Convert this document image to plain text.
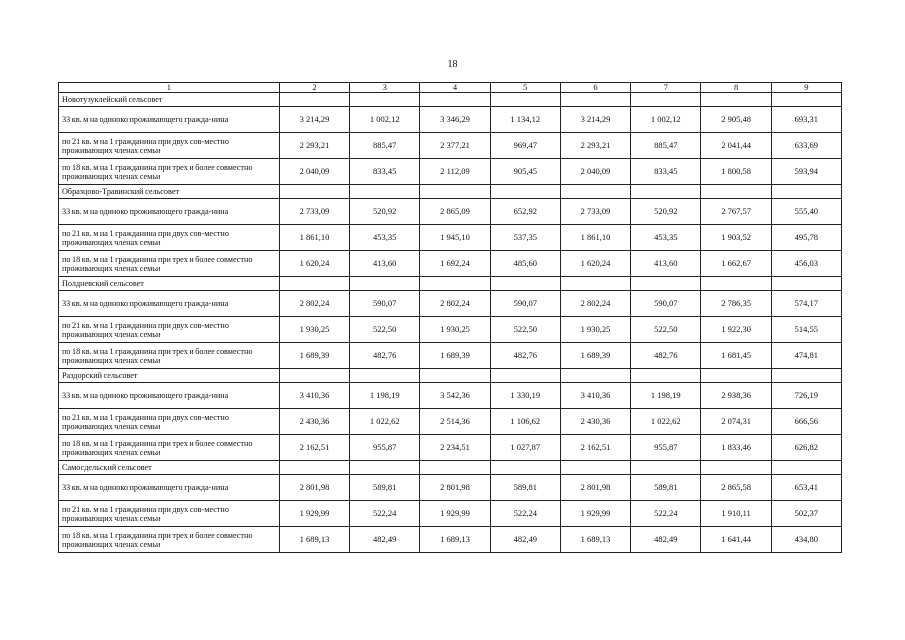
18
1	2	3	4	5	6	7	8	9
Новотузуклейский сельсовет								
33 кв. м на одиноко проживающего гражда-нина	3 214,29	1 002,12	3 346,29	1 134,12	3 214,29	1 002,12	2 905,48	693,31
по 21 кв. м на 1 гражданина при двух сов-местно проживающих членах семьи	2 293,21	885,47	2 377,21	969,47	2 293,21	885,47	2 041,44	633,69
по 18 кв. м на 1 гражданина при трех и более совместно проживающих членах семьи	2 040,09	833,45	2 112,09	905,45	2 040,09	833,45	1 800,58	593,94
Образцово-Травинский сельсовет								
33 кв. м на одиноко проживающего гражда-нина	2 733,09	520,92	2 865,09	652,92	2 733,09	520,92	2 767,57	555,40
по 21 кв. м на 1 гражданина при двух сов-местно проживающих членах семьи	1 861,10	453,35	1 945,10	537,35	1 861,10	453,35	1 903,52	495,78
по 18 кв. м на 1 гражданина при трех и более совместно проживающих членах семьи	1 620,24	413,60	1 692,24	485,60	1 620,24	413,60	1 662,67	456,03
Полдневский сельсовет								
33 кв. м на одиноко проживающего гражда-нина	2 802,24	590,07	2 802,24	590,07	2 802,24	590,07	2 786,35	574,17
по 21 кв. м на 1 гражданина при двух сов-местно проживающих членах семьи	1 930,25	522,50	1 930,25	522,50	1 930,25	522,50	1 922,30	514,55
по 18 кв. м на 1 гражданина при трех и более совместно проживающих членах семьи	1 689,39	482,76	1 689,39	482,76	1 689,39	482,76	1 681,45	474,81
Раздорский сельсовет								
33 кв. м на одиноко проживающего гражда-нина	3 410,36	1 198,19	3 542,36	1 330,19	3 410,36	1 198,19	2 938,36	726,19
по 21 кв. м на 1 гражданина при двух сов-местно проживающих членах семьи	2 430,36	1 022,62	2 514,36	1 106,62	2 430,36	1 022,62	2 074,31	666,56
по 18 кв. м на 1 гражданина при трех и более совместно проживающих членах семьи	2 162,51	955,87	2 234,51	1 027,87	2 162,51	955,87	1 833,46	626,82
Самосдельский сельсовет								
33 кв. м на одиноко проживающего гражда-нина	2 801,98	589,81	2 801,98	589,81	2 801,98	589,81	2 865,58	653,41
по 21 кв. м на 1 гражданина при двух сов-местно проживающих членах семьи	1 929,99	522,24	1 929,99	522,24	1 929,99	522,24	1 910,11	502,37
по 18 кв. м на 1 гражданина при трех и более совместно проживающих членах семьи	1 689,13	482,49	1 689,13	482,49	1 689,13	482,49	1 641,44	434,80
